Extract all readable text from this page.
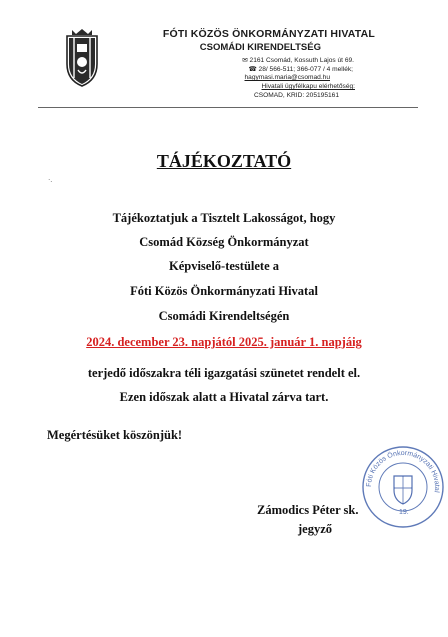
FÓTI KÖZÖS ÖNKORMÁNYZATI HIVATAL
CSOMÁDI KIRENDELTSÉG
✉ 2161 Csomád, Kossuth Lajos út 69.
☎ 28/ 566-511; 366-077 / 4 mellék;
hagymasi.maria@csomad.hu
Hivatali ügyfélkapu elérhetőség:
CSOMAD, KRID: 205195161
·.
TÁJÉKOZTATÓ
Tájékoztatjuk a Tisztelt Lakosságot, hogy
Csomád Község Önkormányzat
Képviselő-testülete a
Fóti Közös Önkormányzati Hivatal
Csomádi Kirendeltségén
2024. december 23. napjától 2025. január 1. napjáig
terjedő időszakra téli igazgatási szünetet rendelt el.
Ezen időszak alatt a Hivatal zárva tart.
Megértésüket köszönjük!
Fóti Közös Önkormányzati Hivatal
19.
Zámodics Péter sk.
jegyző
